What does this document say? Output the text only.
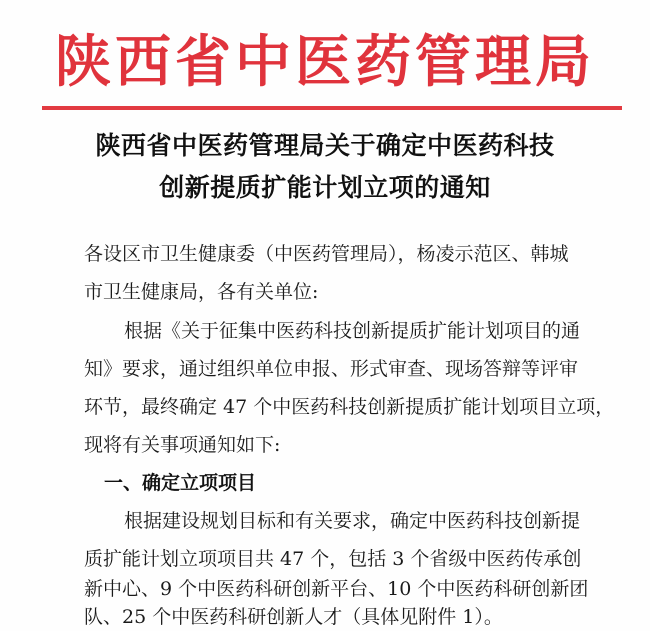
陕西省中医药管理局
陕西省中医药管理局关于确定中医药科技
创新提质扩能计划立项的通知
各设区市卫生健康委（中医药管理局），杨凌示范区、韩城
市卫生健康局，各有关单位:
根据《关于征集中医药科技创新提质扩能计划项目的通
知》要求，通过组织单位申报、形式审查、现场答辩等评审
环节，最终确定 47 个中医药科技创新提质扩能计划项目立项，
现将有关事项通知如下:
一、确定立项项目
根据建设规划目标和有关要求，确定中医药科技创新提
质扩能计划立项项目共 47 个，包括 3 个省级中医药传承创
新中心、9 个中医药科研创新平台、10 个中医药科研创新团
队、25 个中医药科研创新人才（具体见附件 1）。
